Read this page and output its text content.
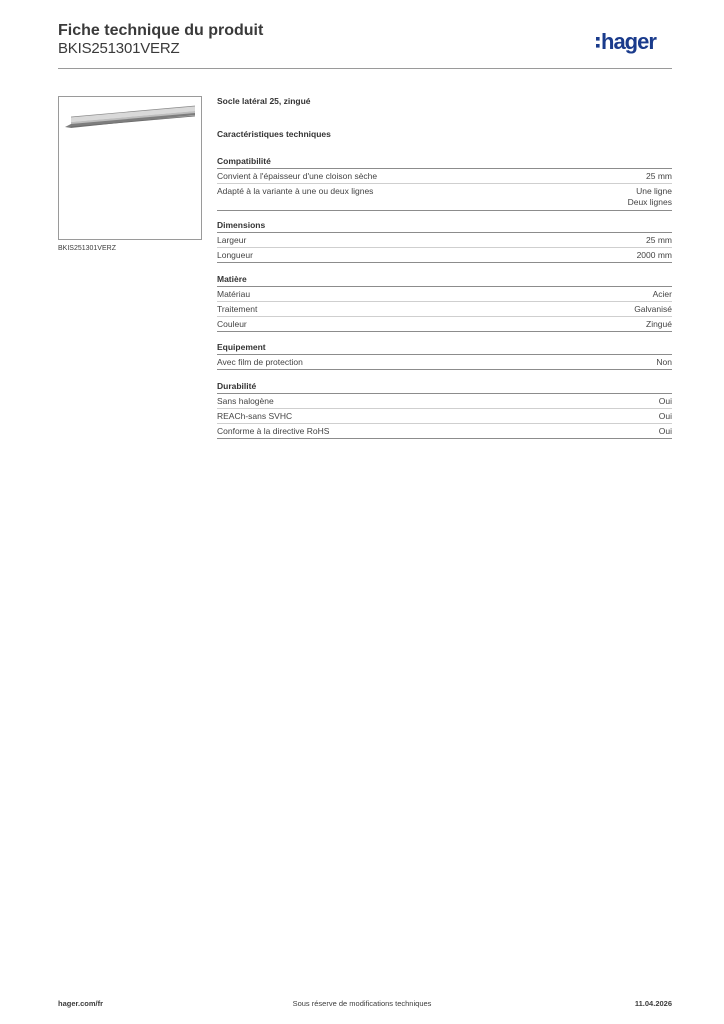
Fiche technique du produit
BKIS251301VERZ	hager
BKIS251301VERZ
Socle latéral 25, zingué
Caractéristiques techniques
Compatibilité
Convient à l'épaisseur d'une cloison sèche	25 mm
Adapté à la variante à une ou deux lignes	Une ligne
Deux lignes
Dimensions
Largeur	25 mm
Longueur	2000 mm
Matière
Matériau	Acier
Traitement	Galvanisé
Couleur	Zingué
Equipement
Avec film de protection	Non
Durabilité
Sans halogène	Oui
REACh-sans SVHC	Oui
Conforme à la directive RoHS	Oui
hager.com/fr	Sous réserve de modifications techniques	11.04.2026
